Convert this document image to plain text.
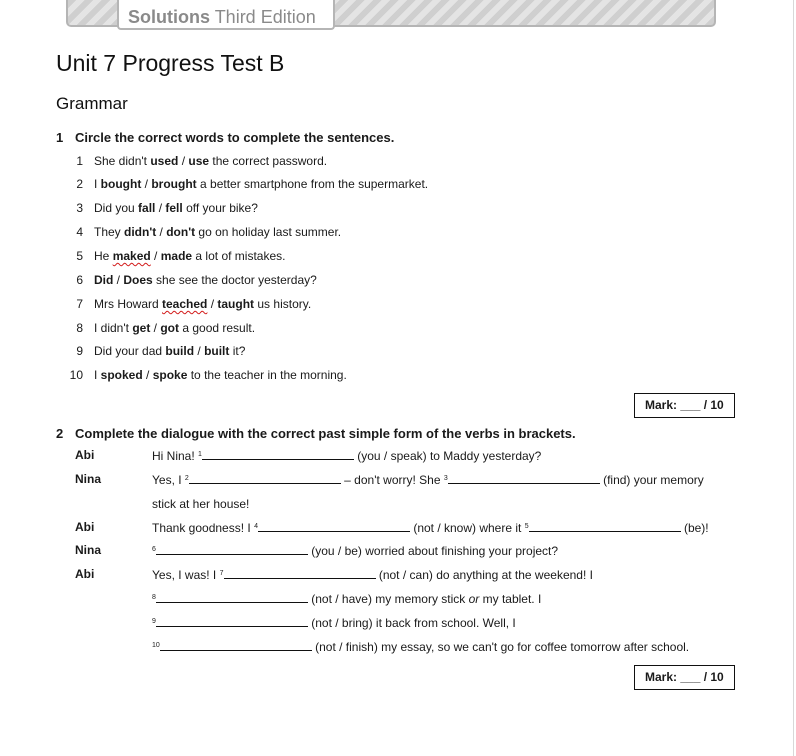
Solutions Third Edition
Unit 7 Progress Test B
Grammar
1 Circle the correct words to complete the sentences.
1 She didn't used / use the correct password.
2 I bought / brought a better smartphone from the supermarket.
3 Did you fall / fell off your bike?
4 They didn't / don't go on holiday last summer.
5 He maked / made a lot of mistakes.
6 Did / Does she see the doctor yesterday?
7 Mrs Howard teached / taught us history.
8 I didn't get / got a good result.
9 Did your dad build / built it?
10 I spoked / spoke to the teacher in the morning.
Mark: ___ / 10
2 Complete the dialogue with the correct past simple form of the verbs in brackets.
Abi	Hi Nina! $^1$	(you / speak) to Maddy yesterday?
Nina	Yes, I $^2$	– don't worry! She $^3$	(find) your memory
stick at her house!
Abi	Thank goodness! I $^4$	(not / know) where it $^5$	(be)!
Nina	$^6$	(you / be) worried about finishing your project?
Abi	Yes, I was! I $^7$	(not / can) do anything at the weekend! I
$^8$	(not / have) my memory stick or my tablet. I
$^9$	(not / bring) it back from school. Well, I
$^{10}$	(not / finish) my essay, so we can't go for coffee tomorrow after school.
Mark: ___ / 10
